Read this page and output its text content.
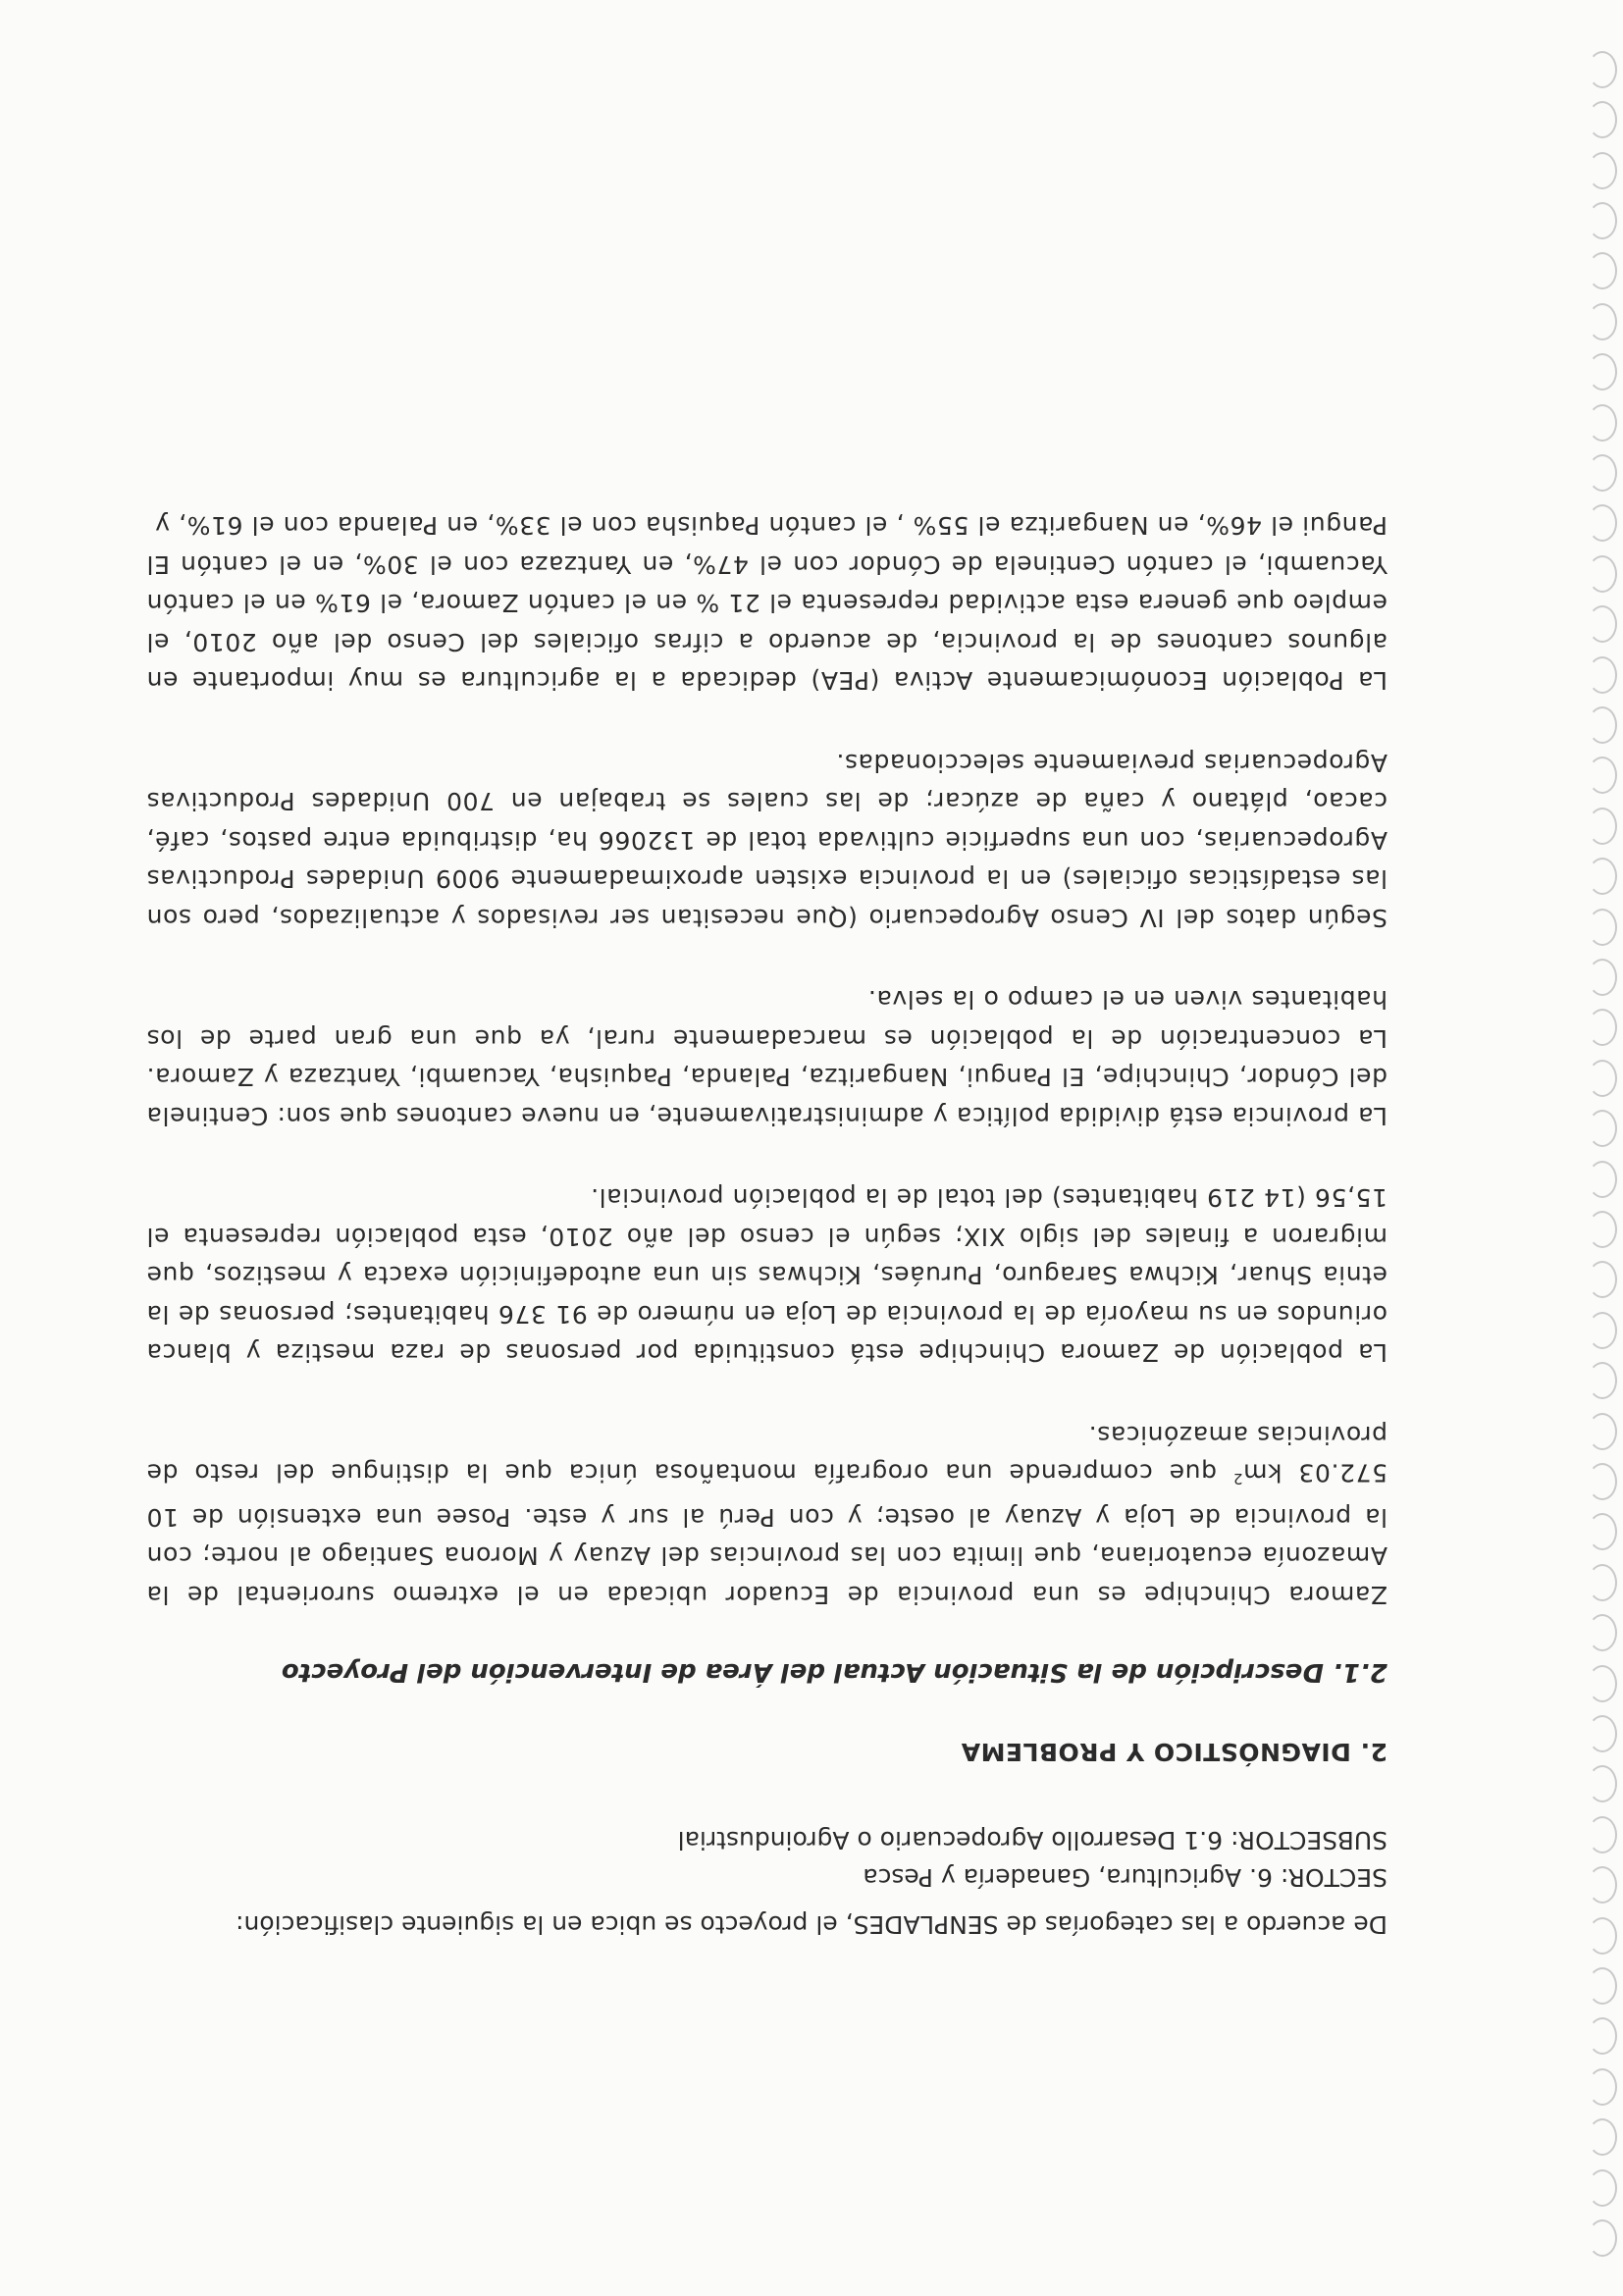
De acuerdo a las categorías de SENPLADES, el proyecto se ubica en la siguiente clasificación:

SECTOR: 6. Agricultura, Ganadería y Pesca

SUBSECTOR: 6.1 Desarrollo Agropecuario o Agroindustrial

2. DIAGNÓSTICO Y PROBLEMA
2.1. Descripción de la Situación Actual del Área de Intervención del Proyecto

Zamora Chinchipe es una provincia de Ecuador ubicada en el extremo suroriental de la Amazonía ecuatoriana, que limita con las provincias del Azuay y Morona Santiago al norte; con la provincia de Loja y Azuay al oeste; y con Perú al sur y este. Posee una extensión de 10 572.03 $km^2$ que comprende una orografía montañosa única que la distingue del resto de provincias amazónicas.

La población de Zamora Chinchipe está constituida por personas de raza mestiza y blanca oriundos en su mayoría de la provincia de Loja en número de 91 376 habitantes; personas de la etnia Shuar, Kichwa Saraguro, Puruáes, Kichwas sin una autodefinición exacta y mestizos, que migraron a finales del siglo XIX; según el censo del año 2010, esta población representa el 15,56 (14 219 habitantes) del total de la población provincial.

La provincia está dividida política y administrativamente, en nueve cantones que son: Centinela del Cóndor, Chinchipe, El Pangui, Nangaritza, Palanda, Paquisha, Yacuambi, Yantzaza y Zamora. La concentración de la población es marcadamente rural, ya que una gran parte de los habitantes viven en el campo o la selva.

Según datos del IV Censo Agropecuario (Que necesitan ser revisados y actualizados, pero son las estadísticas oficiales) en la provincia existen aproximadamente 9009 Unidades Productivas Agropecuarias, con una superficie cultivada total de 132066 ha, distribuida entre pastos, café, cacao, plátano y caña de azúcar; de las cuales se trabajan en 700 Unidades Productivas Agropecuarias previamente seleccionadas.

La Población Económicamente Activa (PEA) dedicada a la agricultura es muy importante en algunos cantones de la provincia, de acuerdo a cifras oficiales del Censo del año 2010, el empleo que genera esta actividad representa el 21 % en el cantón Zamora, el 61% en el cantón Yacuambi, el cantón Centinela de Cóndor con el 47%, en Yantzaza con el 30%, en el cantón El Pangui el 46%, en Nangaritza el 55% , el cantón Paquisha con el 33%, en Palanda con el 61%, y
